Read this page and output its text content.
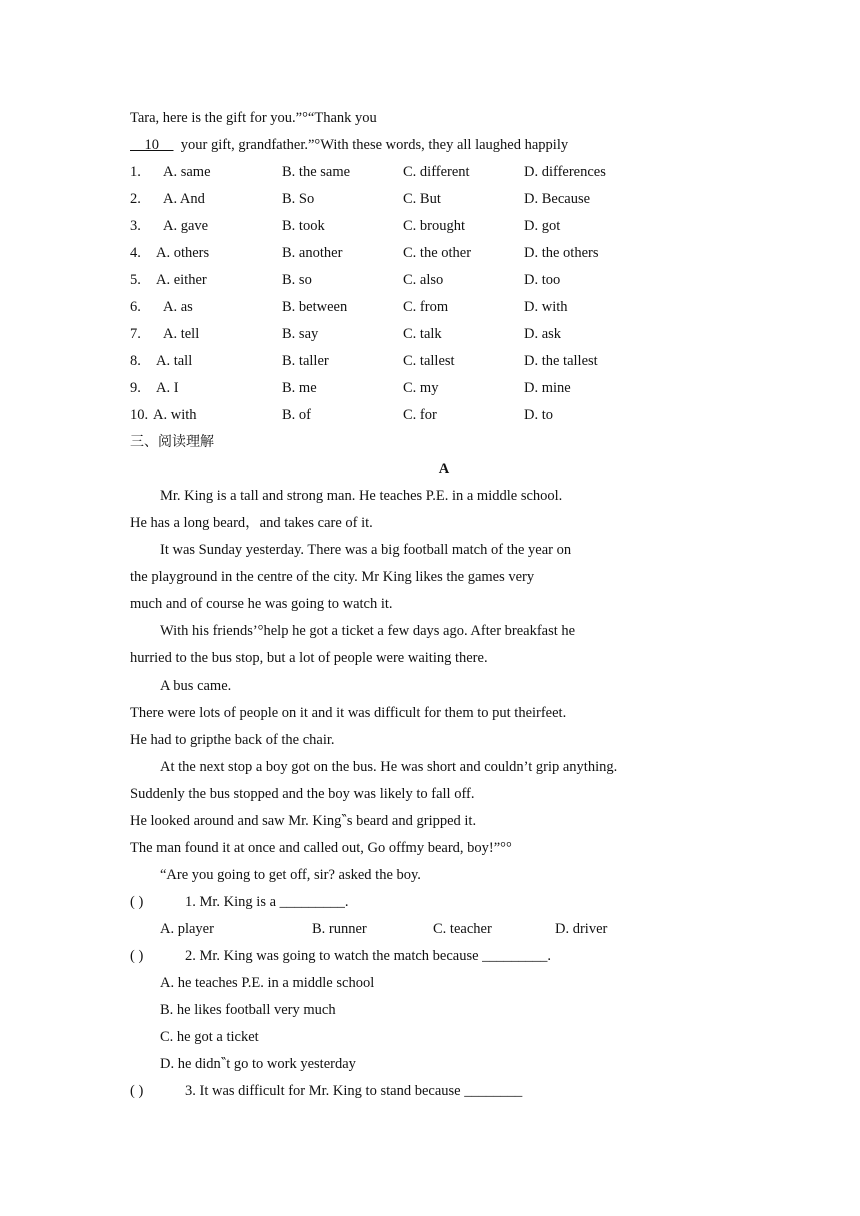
Tara, here is the gift for you.”°“Thank you
10 your gift, grandfather.”°With these words, they all laughed happily
1. A. same	B. the same	C. different	D. differences
2. A. And	B. So	C. But	D. Because
3. A. gave	B. took	C. brought	D. got
4. A. others	B. another	C. the other	D. the others
5. A. either	B. so	C. also	D. too
6. A. as	B. between	C. from	D. with
7. A. tell	B. say	C. talk	D. ask
8. A. tall	B. taller	C. tallest	D. the tallest
9. A. I	B. me	C. my	D. mine
10. A. with	B. of	C. for	D. to
三、阅读理解
A
Mr. King is a tall and strong man. He teaches P.E. in a middle school.
He has a long beard，and takes care of it.
It was Sunday yesterday. There was a big football match of the year on
the playground in the centre of the city. Mr King likes the games very
much and of course he was going to watch it.
With his friends’°help he got a ticket a few days ago. After breakfast he
hurried to the bus stop, but a lot of people were waiting there.
A bus came.
There were lots of people on it and it was difficult for them to put theirfeet.
He had to gripthe back of the chair.
At the next stop a boy got on the bus. He was short and couldn’t grip anything.
Suddenly the bus stopped and the boy was likely to fall off.
He looked around and saw Mr. King‶s beard and gripped it.
The man found it at once and called out, Go offmy beard, boy!”°°
“Are you going to get off, sir? asked the boy.
( )	1. Mr. King is a _________.
A. player	B. runner	C. teacher	D. driver
( )	2. Mr. King was going to watch the match because _________.
A. he teaches P.E. in a middle school
B. he likes football very much
C. he got a ticket
D. he didn‶t go to work yesterday
( )	3. It was difficult for Mr. King to stand because ________
